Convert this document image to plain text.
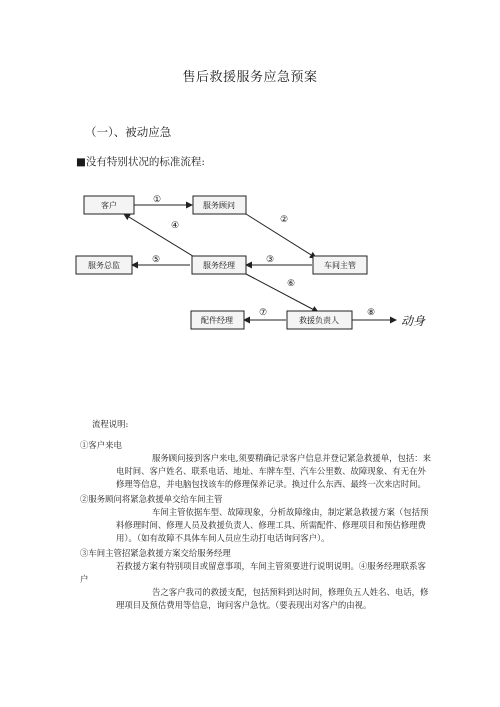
售后救援服务应急预案
（一）、被动应急
■没有特别状况的标准流程:
客户	服务顾问
服务总监	服务经理	车间主管
配件经理	救援负责人	动身
①
②
④
⑤	③
⑥
⑦	⑧
流程说明:
①客户来电
服务顾问接到客户来电,须要精确记录客户信息并登记紧急救援单，包括：来电时间、客户姓名、联系电话、地址、车牌车型、汽车公里数、故障现象、有无在外修理等信息，并电脑包找该车的修理保养记录。换过什么东西、最终一次来店时间。
②服务顾问将紧急救援单交给车间主管
车间主管依据车型、故障现象，分析故障缘由，制定紧急救援方案（包括预料修理时间、修理人员及救援负责人、修理工具、所需配件、修理项目和预估修理费用）。（如有故障不具体车间人员应生动打电话询问客户）。
③车间主管招紧急救援方案交给服务经理
若救援方案有特别项目或留意事项，车间主管须要进行说明说明。④服务经理联系客户
告之客户我司的救援支配，包括预料到达时间，修理负五人姓名、电话，修理项目及预估费用等信息，询问客户急忱。（要表现出对客户的由视。
